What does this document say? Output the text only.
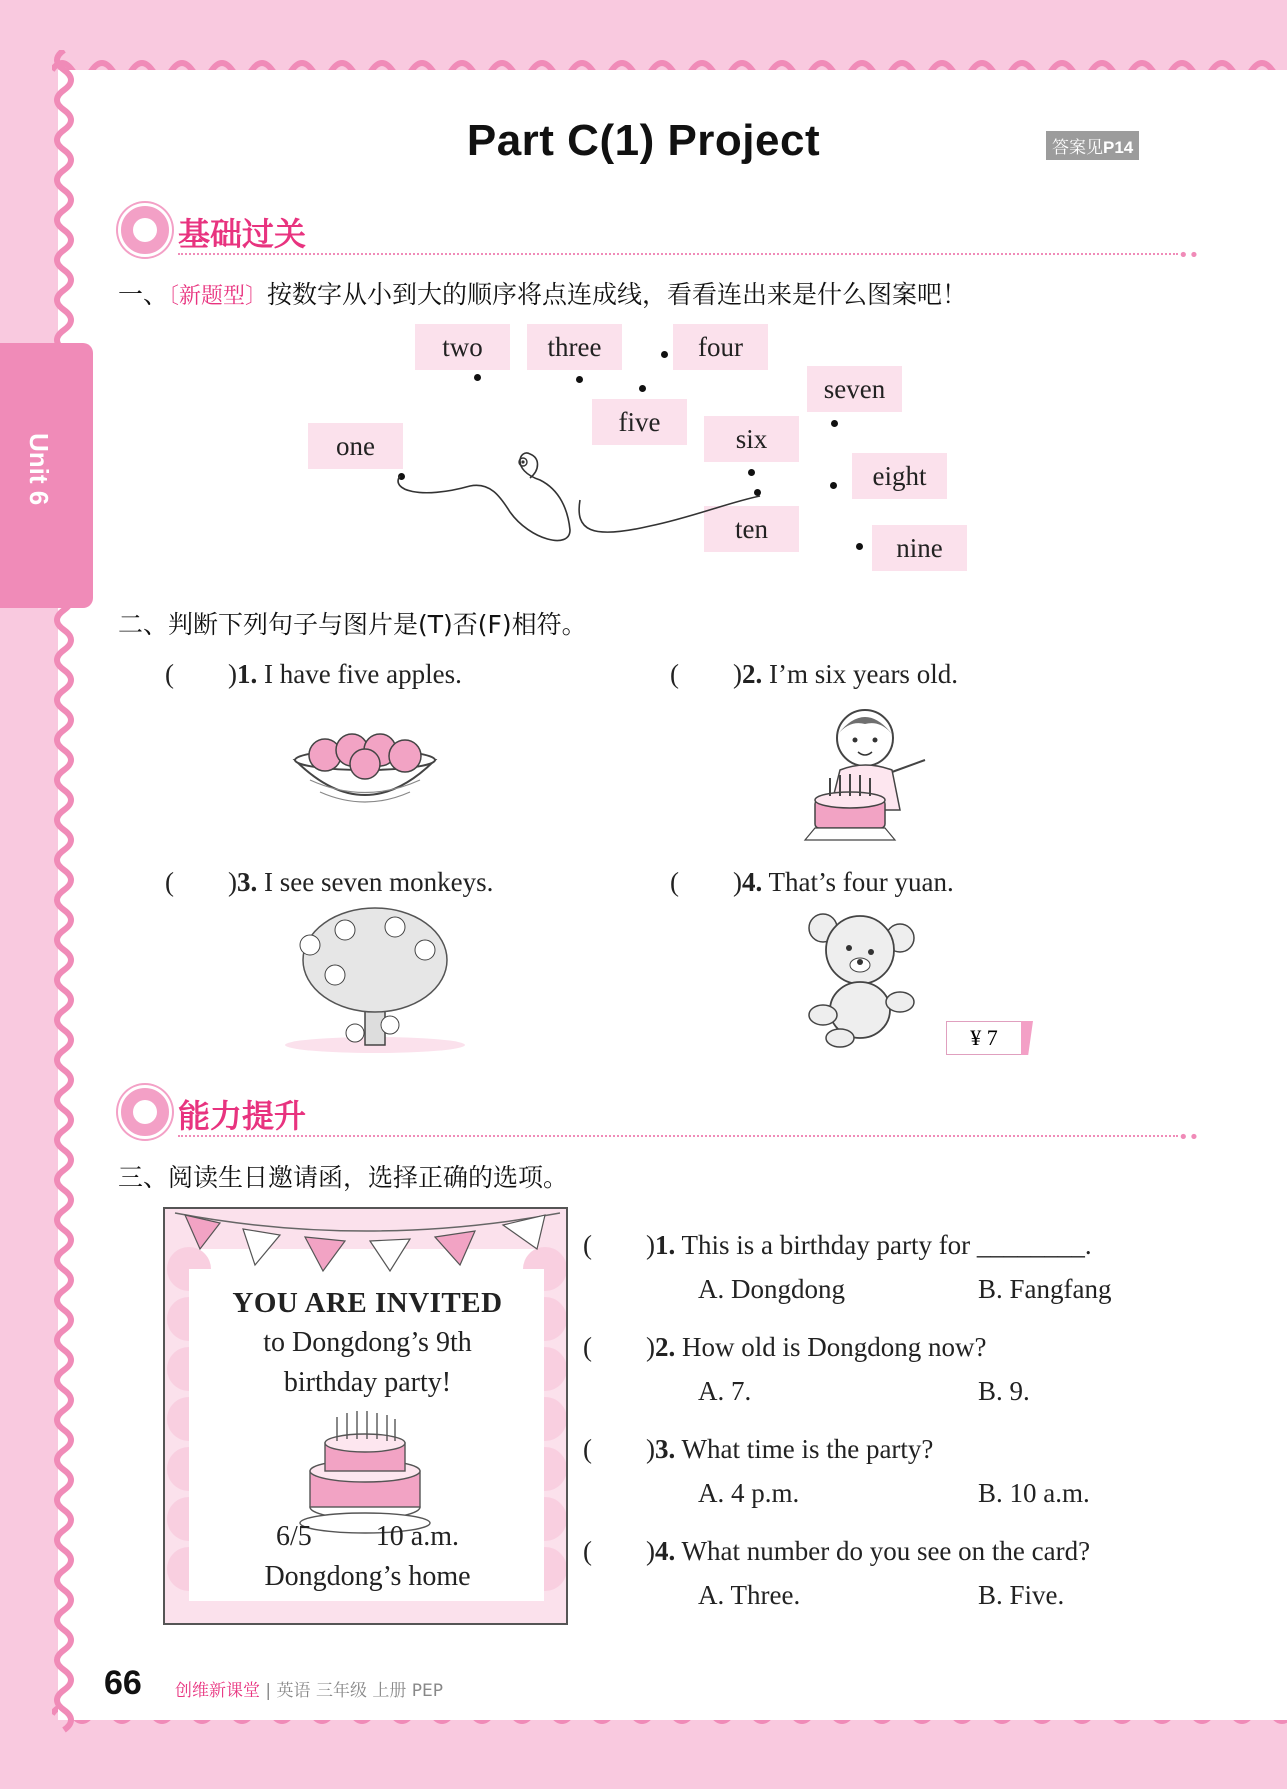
Unit 6
Part C(1) Project	答案见P14
基础过关
••
一、〔新题型〕按数字从小到大的顺序将点连成线，看看连出来是什么图案吧！
two	three	four
seven
five
six
one
eight
ten
nine
二、判断下列句子与图片是(T)否(F)相符。
(　　)1. I have five apples.	(　　)2. I’m six years old.
(　　)3. I see seven monkeys.	(　　)4. That’s four yuan.
¥ 7
能力提升
••
三、阅读生日邀请函，选择正确的选项。
YOU ARE INVITED
to Dongdong’s 9th
birthday party!
6/5 10 a.m.
Dongdong’s home
(　　)1. This is a birthday party for ________.
A. Dongdong	B. Fangfang
(　　)2. How old is Dongdong now?
A. 7.	B. 9.
(　　)3. What time is the party?
A. 4 p.m.	B. 10 a.m.
(　　)4. What number do you see on the card?
A. Three.	B. Five.
66 创维新课堂 | 英语 三年级 上册 PEP
